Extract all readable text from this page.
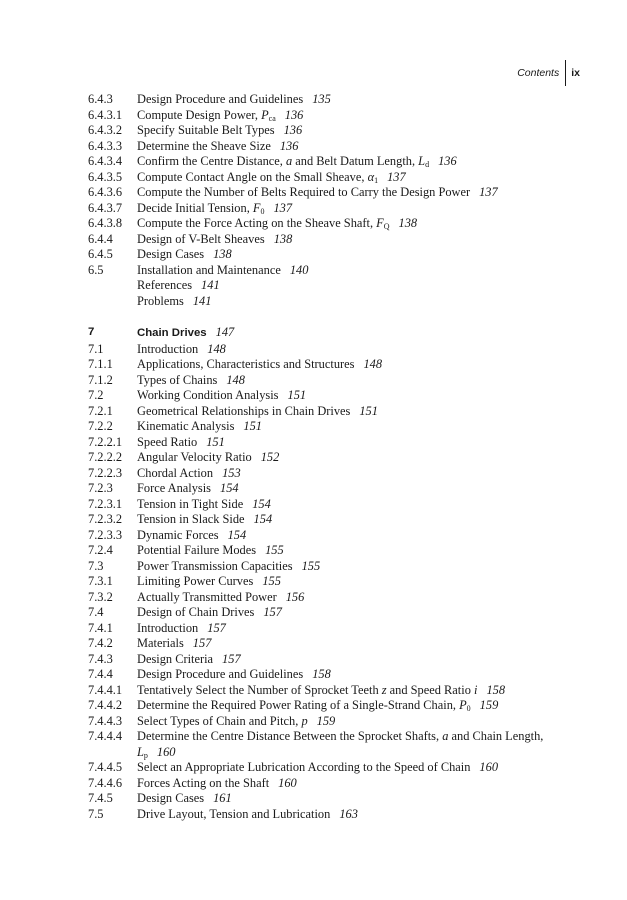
Contents ix
6.4.3	Design Procedure and Guidelines 135
6.4.3.1	Compute Design Power, $P_{ca}$ 136
6.4.3.2	Specify Suitable Belt Types 136
6.4.3.3	Determine the Sheave Size 136
6.4.3.4	Confirm the Centre Distance, a and Belt Datum Length, $L_d$ 136
6.4.3.5	Compute Contact Angle on the Small Sheave, $\alpha_1$ 137
6.4.3.6	Compute the Number of Belts Required to Carry the Design Power 137
6.4.3.7	Decide Initial Tension, $F_0$ 137
6.4.3.8	Compute the Force Acting on the Sheave Shaft, $F_Q$ 138
6.4.4	Design of V-Belt Sheaves 138
6.4.5	Design Cases 138
6.5	Installation and Maintenance 140
References 141
Problems 141
7	Chain Drives 147
7.1	Introduction 148
7.1.1	Applications, Characteristics and Structures 148
7.1.2	Types of Chains 148
7.2	Working Condition Analysis 151
7.2.1	Geometrical Relationships in Chain Drives 151
7.2.2	Kinematic Analysis 151
7.2.2.1	Speed Ratio 151
7.2.2.2	Angular Velocity Ratio 152
7.2.2.3	Chordal Action 153
7.2.3	Force Analysis 154
7.2.3.1	Tension in Tight Side 154
7.2.3.2	Tension in Slack Side 154
7.2.3.3	Dynamic Forces 154
7.2.4	Potential Failure Modes 155
7.3	Power Transmission Capacities 155
7.3.1	Limiting Power Curves 155
7.3.2	Actually Transmitted Power 156
7.4	Design of Chain Drives 157
7.4.1	Introduction 157
7.4.2	Materials 157
7.4.3	Design Criteria 157
7.4.4	Design Procedure and Guidelines 158
7.4.4.1	Tentatively Select the Number of Sprocket Teeth z and Speed Ratio i 158
7.4.4.2	Determine the Required Power Rating of a Single-Strand Chain, $P_0$ 159
7.4.4.3	Select Types of Chain and Pitch, p 159
7.4.4.4	Determine the Centre Distance Between the Sprocket Shafts, a and Chain Length, $L_p$ 160
7.4.4.5	Select an Appropriate Lubrication According to the Speed of Chain 160
7.4.4.6	Forces Acting on the Shaft 160
7.4.5	Design Cases 161
7.5	Drive Layout, Tension and Lubrication 163
